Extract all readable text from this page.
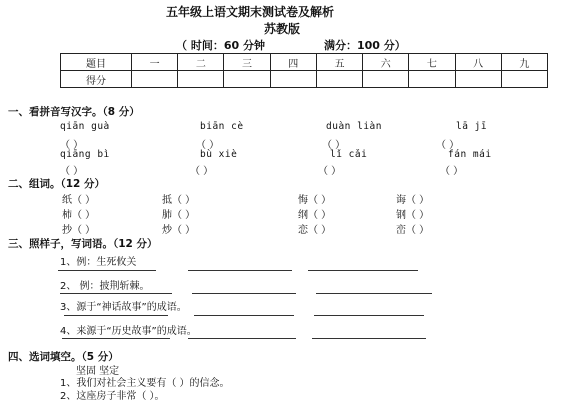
五年级上语文期末测试卷及解析
苏教版
（ 时间：60 分钟	满分：100 分）
题目	一	二	三	四	五	六	七	八	九
得分									
一、看拼音写汉字。（8 分）
qiān guà	biān cè	duàn liàn	lā jī
（ ）	（ ）	（ ）	（ ）
qiāng bì	bù xiè	lǐ cǎi	fán mái
（ ）	（ ）	（ ）	（ ）
二、组词。（12 分）
纸（ ）	抵（ ）	悔（ ）	诲（ ）
柿（ ）	肺（ ）	纲（ ）	钢（ ）
抄（ ）	炒（ ）	恋（ ）	峦（ ）
三、照样子，写词语。（12 分）
1、例：生死攸关
2、 例：披荆斩棘。
3、源于“神话故事”的成语。
4、来源于“历史故事”的成语。
四、选词填空。（5 分）
坚固 坚定
1、我们对社会主义要有（ ）的信念。
2、这座房子非常（ ）。
